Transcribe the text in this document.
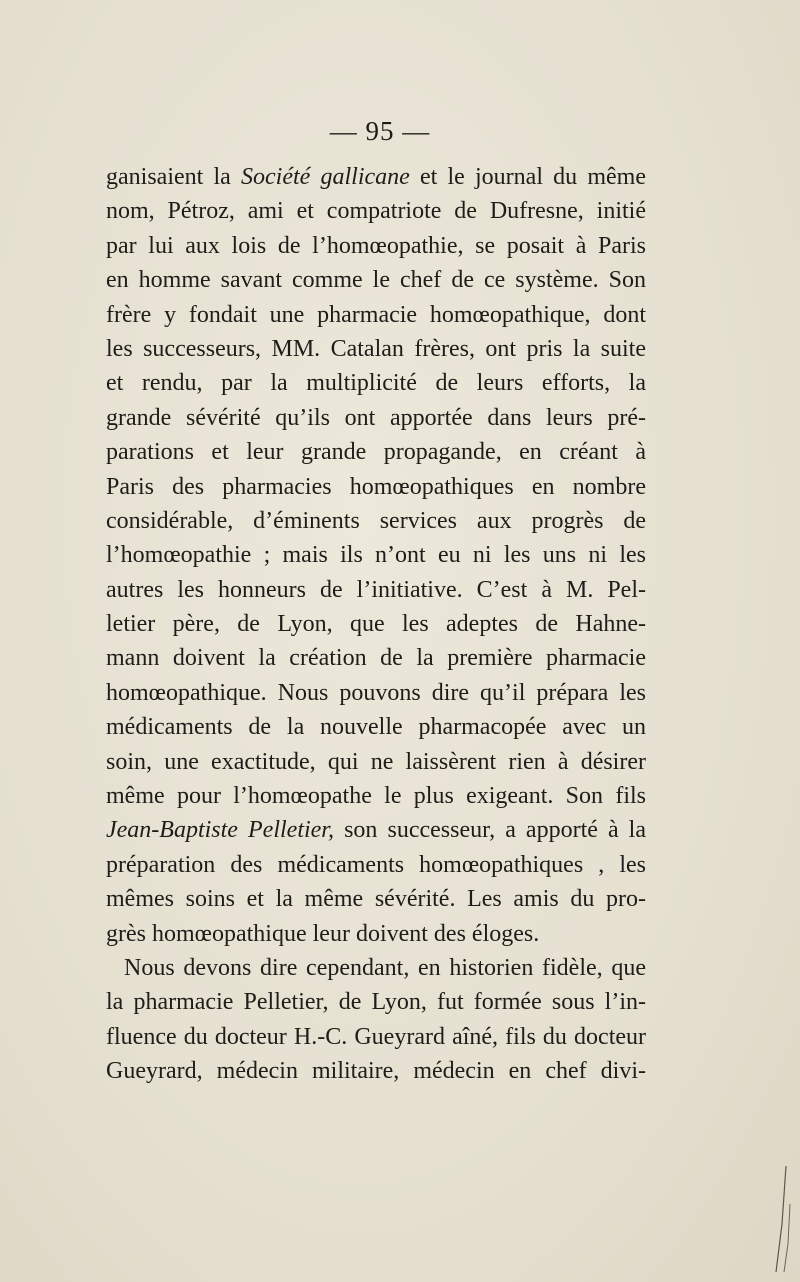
— 95 —
ganisaient la Société gallicane et le journal du même
nom, Pétroz, ami et compatriote de Dufresne, initié
par lui aux lois de l’homœopathie, se posait à Paris
en homme savant comme le chef de ce système. Son
frère y fondait une pharmacie homœopathique, dont
les successeurs, MM. Catalan frères, ont pris la suite
et rendu, par la multiplicité de leurs efforts, la
grande sévérité qu’ils ont apportée dans leurs pré-
parations et leur grande propagande, en créant à
Paris des pharmacies homœopathiques en nombre
considérable, d’éminents services aux progrès de
l’homœopathie ; mais ils n’ont eu ni les uns ni les
autres les honneurs de l’initiative. C’est à M. Pel-
letier père, de Lyon, que les adeptes de Hahne-
mann doivent la création de la première pharmacie
homœopathique. Nous pouvons dire qu’il prépara les
médicaments de la nouvelle pharmacopée avec un
soin, une exactitude, qui ne laissèrent rien à désirer
même pour l’homœopathe le plus exigeant. Son fils
Jean-Baptiste Pelletier, son successeur, a apporté à la
préparation des médicaments homœopathiques , les
mêmes soins et la même sévérité. Les amis du pro-
grès homœopathique leur doivent des éloges.
Nous devons dire cependant, en historien fidèle, que
la pharmacie Pelletier, de Lyon, fut formée sous l’in-
fluence du docteur H.-C. Gueyrard aîné, fils du docteur
Gueyrard, médecin militaire, médecin en chef divi-
